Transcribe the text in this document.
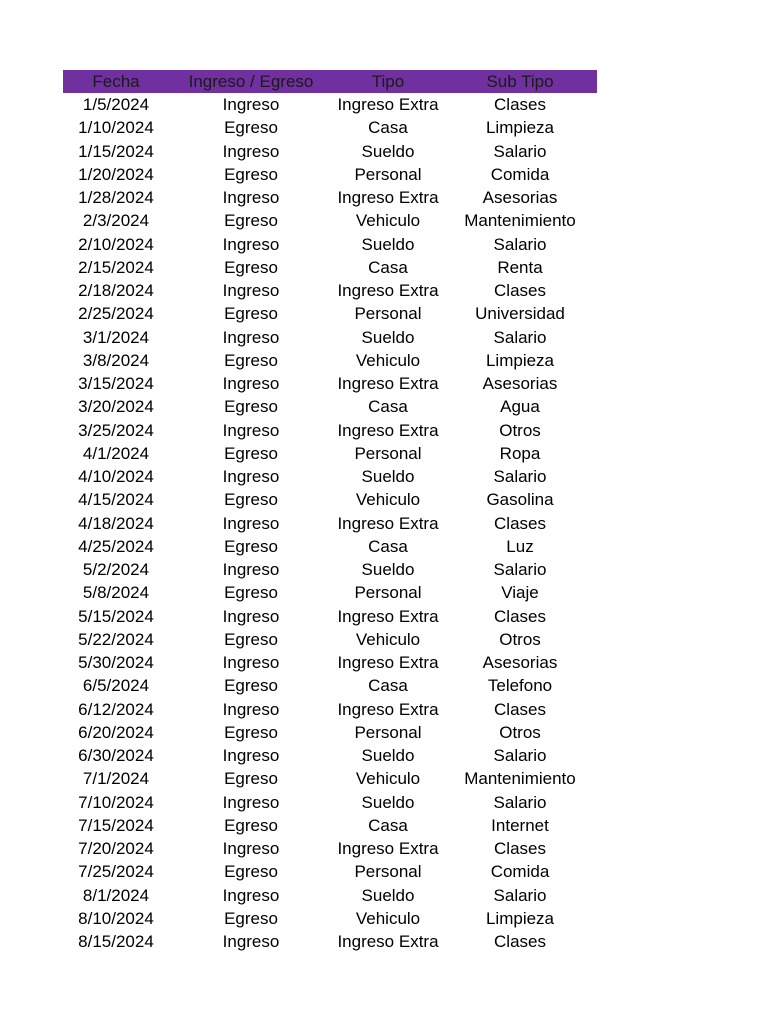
Fecha	Ingreso / Egreso	Tipo	Sub Tipo
1/5/2024	Ingreso	Ingreso Extra	Clases
1/10/2024	Egreso	Casa	Limpieza
1/15/2024	Ingreso	Sueldo	Salario
1/20/2024	Egreso	Personal	Comida
1/28/2024	Ingreso	Ingreso Extra	Asesorias
2/3/2024	Egreso	Vehiculo	Mantenimiento
2/10/2024	Ingreso	Sueldo	Salario
2/15/2024	Egreso	Casa	Renta
2/18/2024	Ingreso	Ingreso Extra	Clases
2/25/2024	Egreso	Personal	Universidad
3/1/2024	Ingreso	Sueldo	Salario
3/8/2024	Egreso	Vehiculo	Limpieza
3/15/2024	Ingreso	Ingreso Extra	Asesorias
3/20/2024	Egreso	Casa	Agua
3/25/2024	Ingreso	Ingreso Extra	Otros
4/1/2024	Egreso	Personal	Ropa
4/10/2024	Ingreso	Sueldo	Salario
4/15/2024	Egreso	Vehiculo	Gasolina
4/18/2024	Ingreso	Ingreso Extra	Clases
4/25/2024	Egreso	Casa	Luz
5/2/2024	Ingreso	Sueldo	Salario
5/8/2024	Egreso	Personal	Viaje
5/15/2024	Ingreso	Ingreso Extra	Clases
5/22/2024	Egreso	Vehiculo	Otros
5/30/2024	Ingreso	Ingreso Extra	Asesorias
6/5/2024	Egreso	Casa	Telefono
6/12/2024	Ingreso	Ingreso Extra	Clases
6/20/2024	Egreso	Personal	Otros
6/30/2024	Ingreso	Sueldo	Salario
7/1/2024	Egreso	Vehiculo	Mantenimiento
7/10/2024	Ingreso	Sueldo	Salario
7/15/2024	Egreso	Casa	Internet
7/20/2024	Ingreso	Ingreso Extra	Clases
7/25/2024	Egreso	Personal	Comida
8/1/2024	Ingreso	Sueldo	Salario
8/10/2024	Egreso	Vehiculo	Limpieza
8/15/2024	Ingreso	Ingreso Extra	Clases
